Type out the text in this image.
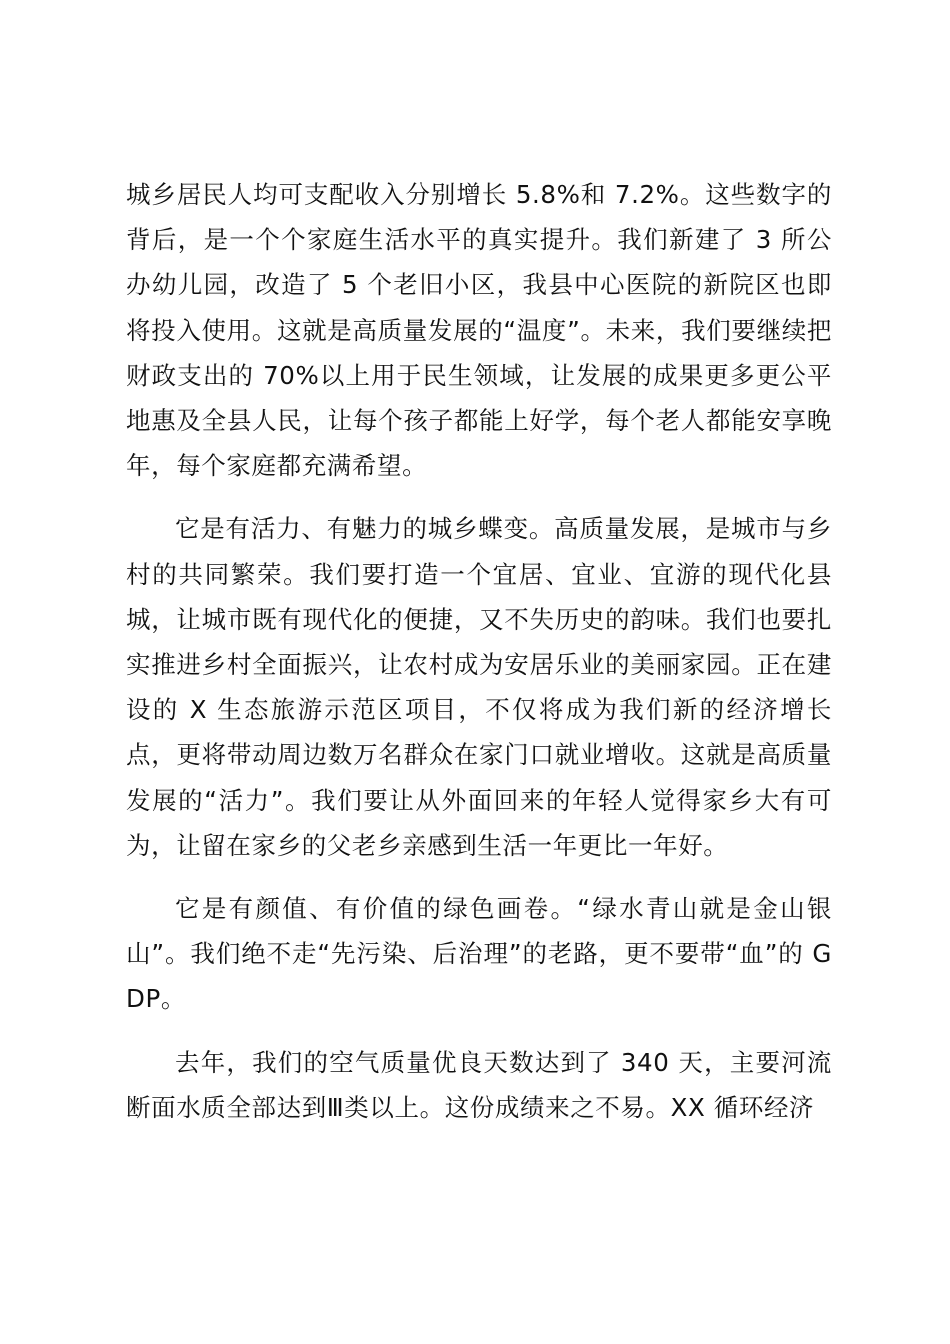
城乡居民人均可支配收入分别增长 5.8%和 7.2%。这些数字的背后，是一个个家庭生活水平的真实提升。我们新建了 3 所公办幼儿园，改造了 5 个老旧小区，我县中心医院的新院区也即将投入使用。这就是高质量发展的“温度”。未来，我们要继续把财政支出的 70%以上用于民生领域，让发展的成果更多更公平地惠及全县人民，让每个孩子都能上好学，每个老人都能安享晚年，每个家庭都充满希望。

它是有活力、有魅力的城乡蝶变。高质量发展，是城市与乡村的共同繁荣。我们要打造一个宜居、宜业、宜游的现代化县城，让城市既有现代化的便捷，又不失历史的韵味。我们也要扎实推进乡村全面振兴，让农村成为安居乐业的美丽家园。正在建设的 X 生态旅游示范区项目，不仅将成为我们新的经济增长点，更将带动周边数万名群众在家门口就业增收。这就是高质量发展的“活力”。我们要让从外面回来的年轻人觉得家乡大有可为，让留在家乡的父老乡亲感到生活一年更比一年好。

它是有颜值、有价值的绿色画卷。“绿水青山就是金山银山”。我们绝不走“先污染、后治理”的老路，更不要带“血”的 GDP。

去年，我们的空气质量优良天数达到了 340 天，主要河流断面水质全部达到Ⅲ类以上。这份成绩来之不易。XX 循环经济
